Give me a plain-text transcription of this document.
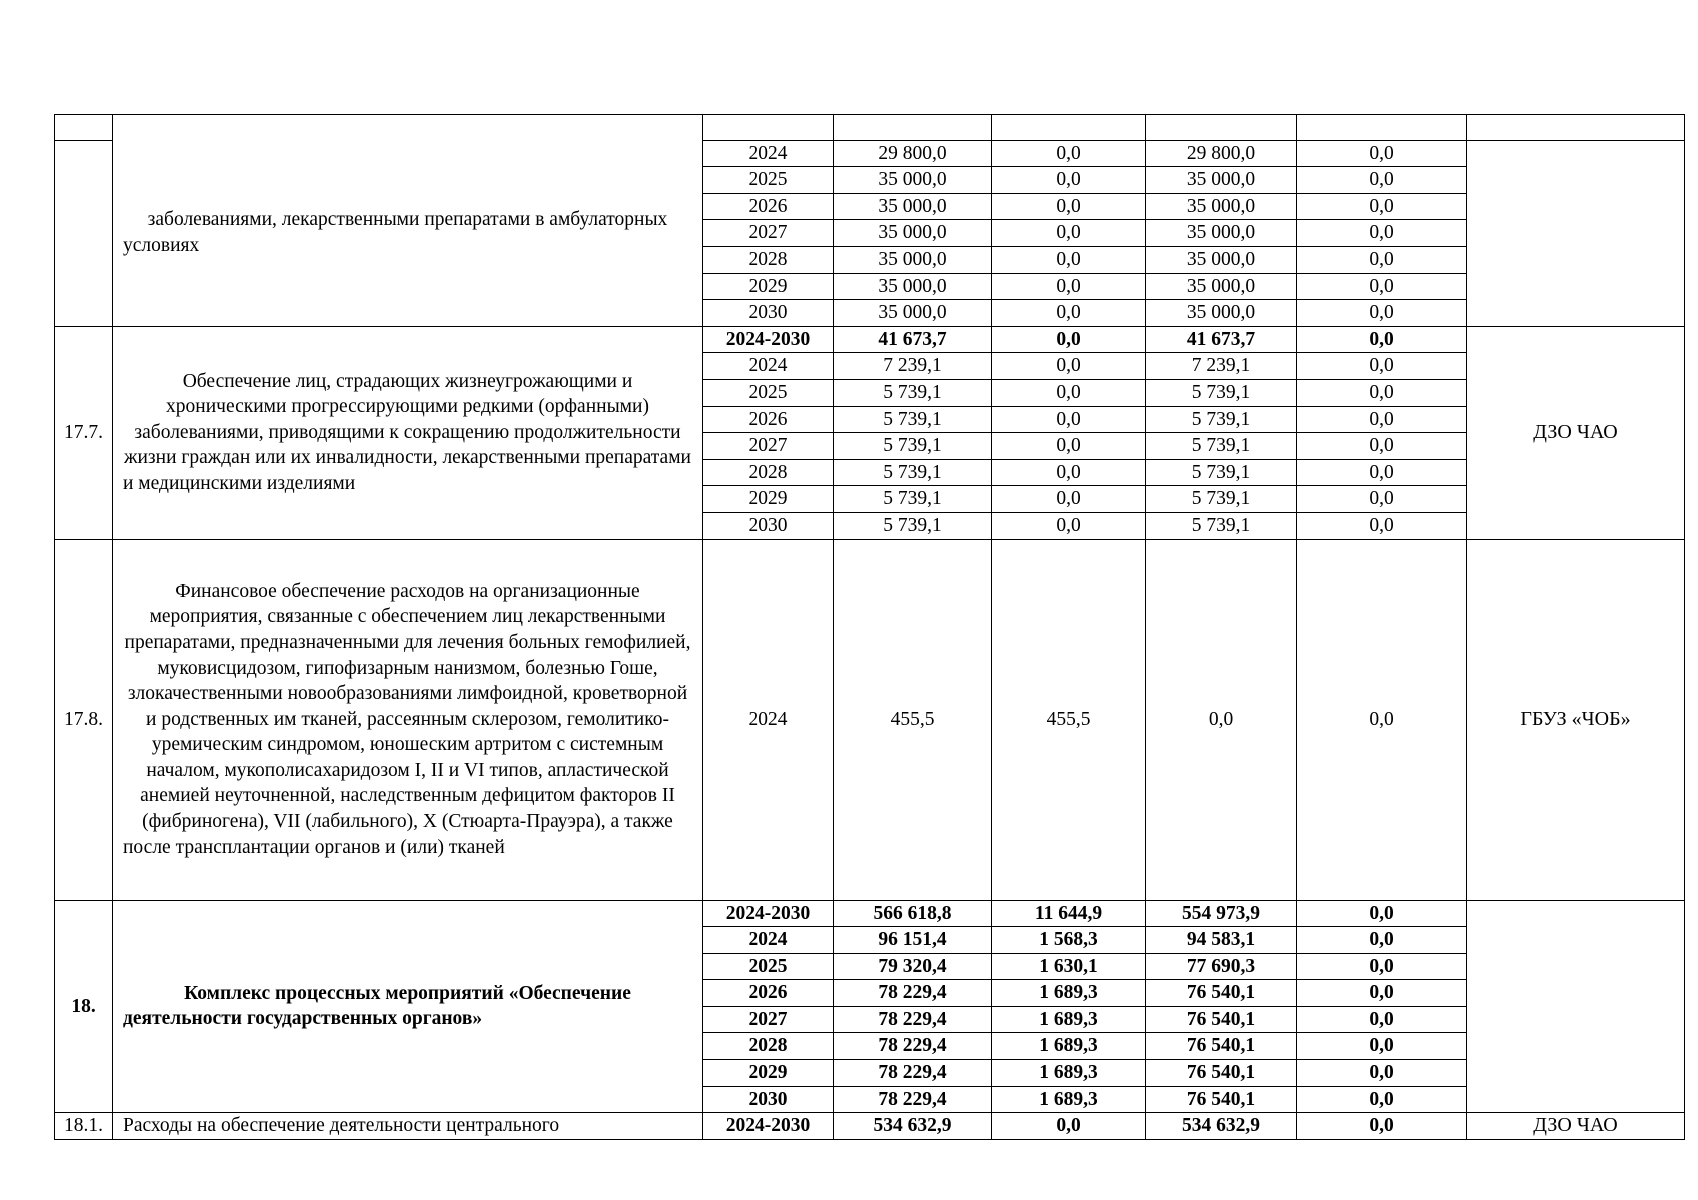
	заболеваниями, лекарственными препаратами в амбулаторных условиях	2024	29 800,0	0,0	29 800,0	0,0	
		2025	35 000,0	0,0	35 000,0	0,0	
		2026	35 000,0	0,0	35 000,0	0,0	
		2027	35 000,0	0,0	35 000,0	0,0	
		2028	35 000,0	0,0	35 000,0	0,0	
		2029	35 000,0	0,0	35 000,0	0,0	
		2030	35 000,0	0,0	35 000,0	0,0	
17.7.	Обеспечение лиц, страдающих жизнеугрожающими и хроническими прогрессирующими редкими (орфанными) заболеваниями, приводящими к сокращению продолжительности жизни граждан или их инвалидности, лекарственными препаратами и медицинскими изделиями	2024-2030	41 673,7	0,0	41 673,7	0,0	ДЗО ЧАО
		2024	7 239,1	0,0	7 239,1	0,0	
		2025	5 739,1	0,0	5 739,1	0,0	
		2026	5 739,1	0,0	5 739,1	0,0	
		2027	5 739,1	0,0	5 739,1	0,0	
		2028	5 739,1	0,0	5 739,1	0,0	
		2029	5 739,1	0,0	5 739,1	0,0	
		2030	5 739,1	0,0	5 739,1	0,0	
17.8.	Финансовое обеспечение расходов на организационные мероприятия, связанные с обеспечением лиц лекарственными препаратами, предназначенными для лечения больных гемофилией, муковисцидозом, гипофизарным нанизмом, болезнью Гоше, злокачественными новообразованиями лимфоидной, кроветворной и родственных им тканей, рассеянным склерозом, гемолитико-уремическим синдромом, юношеским артритом с системным началом, мукополисахаридозом I, II и VI типов, апластической анемией неуточненной, наследственным дефицитом факторов II (фибриногена), VII (лабильного), X (Стюарта-Прауэра), а также после трансплантации органов и (или) тканей	2024	455,5	455,5	0,0	0,0	ГБУЗ «ЧОБ»
18.	Комплекс процессных мероприятий «Обеспечение деятельности государственных органов»	2024-2030	566 618,8	11 644,9	554 973,9	0,0	
		2024	96 151,4	1 568,3	94 583,1	0,0	
		2025	79 320,4	1 630,1	77 690,3	0,0	
		2026	78 229,4	1 689,3	76 540,1	0,0	
		2027	78 229,4	1 689,3	76 540,1	0,0	
		2028	78 229,4	1 689,3	76 540,1	0,0	
		2029	78 229,4	1 689,3	76 540,1	0,0	
		2030	78 229,4	1 689,3	76 540,1	0,0	
18.1.	Расходы на обеспечение деятельности центрального	2024-2030	534 632,9	0,0	534 632,9	0,0	ДЗО ЧАО
